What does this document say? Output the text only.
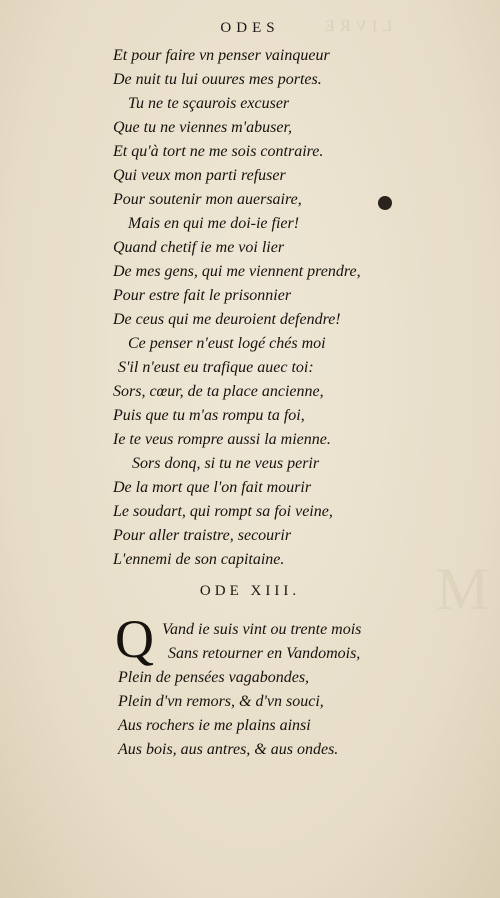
LIVRE
ODES
Et pour faire vn penser vainqueur
De nuit tu lui ouures mes portes.
Tu ne te sçaurois excuser
Que tu ne viennes m'abuser,
Et qu'à tort ne me sois contraire.
Qui veux mon parti refuser
Pour soutenir mon auersaire,
Mais en qui me doi-ie fier!
Quand chetif ie me voi lier
De mes gens, qui me viennent prendre,
Pour estre fait le prisonnier
De ceus qui me deuroient defendre!
Ce penser n'eust logé chés moi
S'il n'eust eu trafique auec toi:
Sors, cœur, de ta place ancienne,
Puis que tu m'as rompu ta foi,
Ie te veus rompre aussi la mienne.
Sors donq, si tu ne veus perir
De la mort que l'on fait mourir
Le soudart, qui rompt sa foi veine,
Pour aller traistre, secourir
L'ennemi de son capitaine.	M
ODE XIII.
Q Vand ie suis vint ou trente mois
Sans retourner en Vandomois,
Plein de pensées vagabondes,
Plein d'vn remors, & d'vn souci,
Aus rochers ie me plains ainsi
Aus bois, aus antres, & aus ondes.
